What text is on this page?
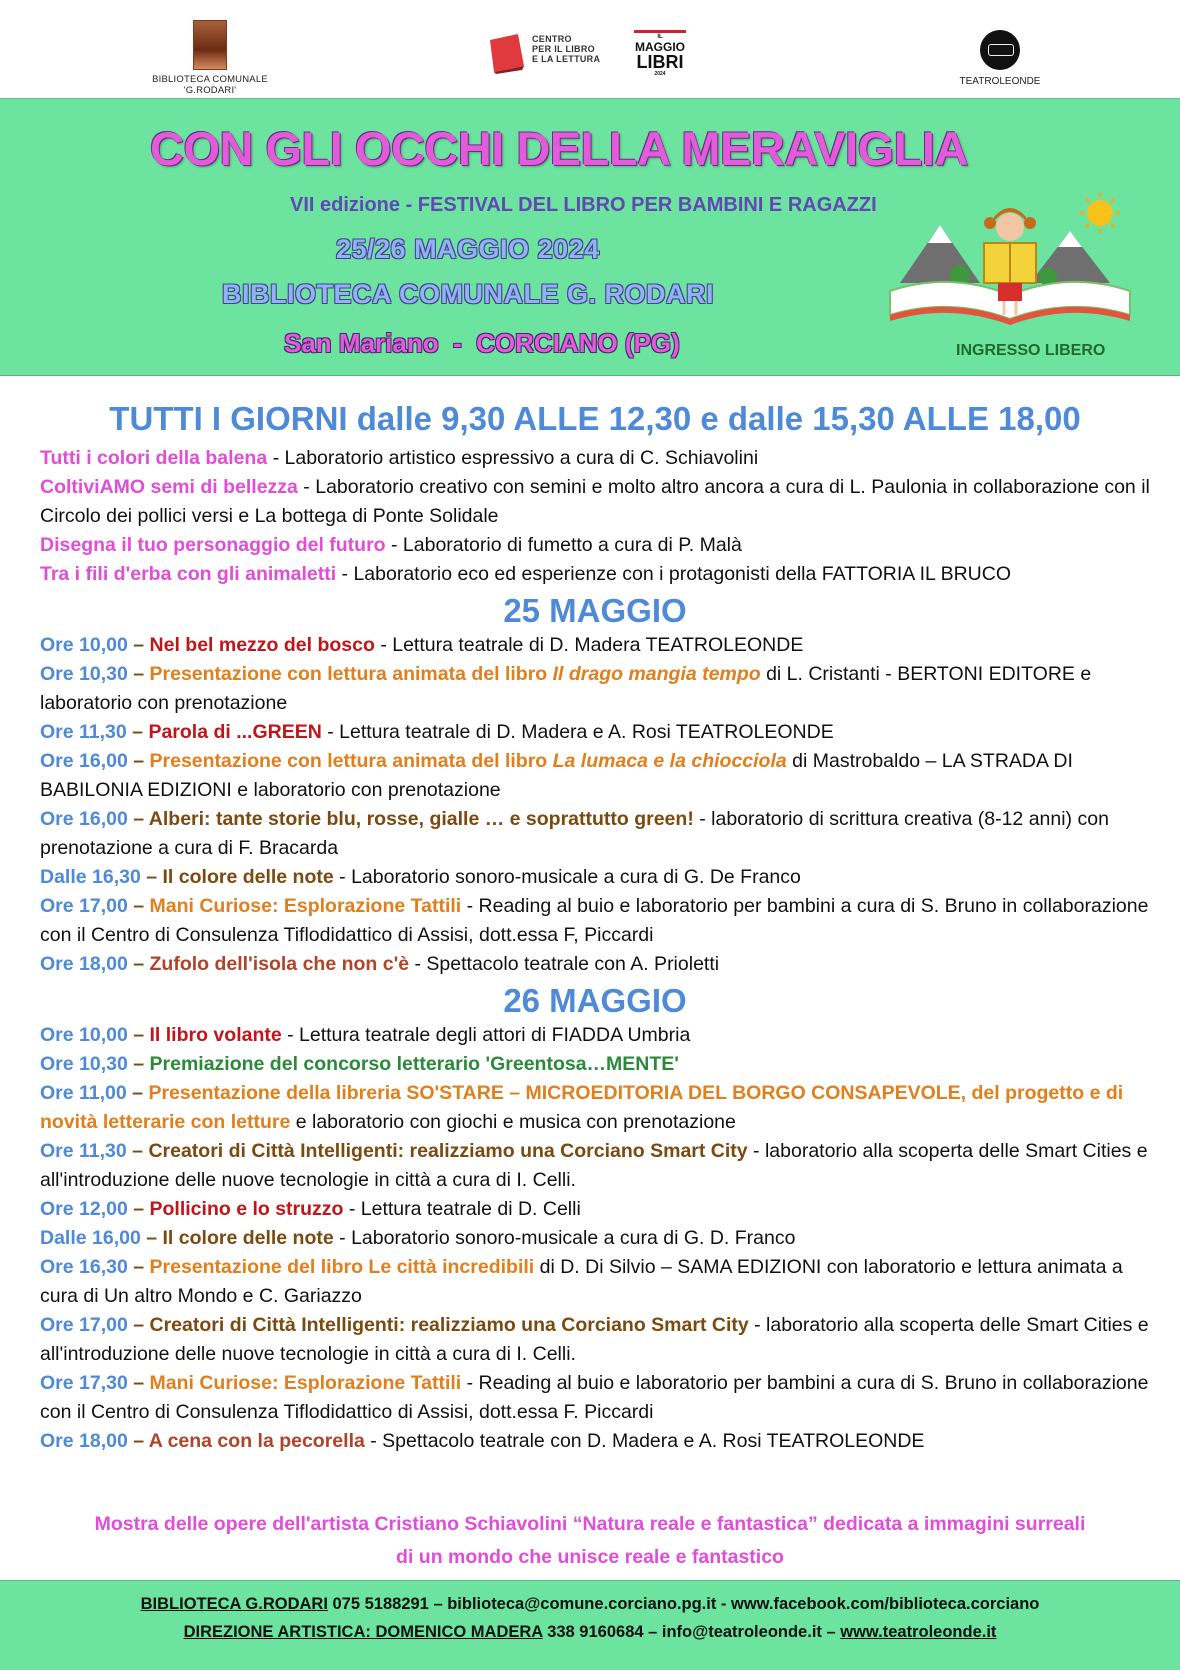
BIBLIOTECA COMUNALE 'G.RODARI'
CENTRO
PER IL LIBRO
E LA LETTURA
IL
MAGGIO
LIBRI
2024
TEATROLEONDE
CON GLI OCCHI DELLA MERAVIGLIA
VII edizione - FESTIVAL DEL LIBRO PER BAMBINI E RAGAZZI
25/26 MAGGIO 2024
BIBLIOTECA COMUNALE G. RODARI
San Mariano  -  CORCIANO (PG)	INGRESSO LIBERO

TUTTI I GIORNI dalle 9,30 ALLE 12,30 e dalle 15,30 ALLE 18,00

Tutti i colori della balena - Laboratorio artistico espressivo a cura di C. Schiavolini

ColtiviAMO semi di bellezza - Laboratorio creativo con semini e molto altro ancora a cura di L. Paulonia in collaborazione con il Circolo dei pollici versi e La bottega di Ponte Solidale

Disegna il tuo personaggio del futuro - Laboratorio di fumetto a cura di P. Malà

Tra i fili d'erba con gli animaletti - Laboratorio eco ed esperienze con i protagonisti della FATTORIA IL BRUCO

25 MAGGIO

Ore 10,00 – Nel bel mezzo del bosco - Lettura teatrale di D. Madera TEATROLEONDE

Ore 10,30 – Presentazione con lettura animata del libro Il drago mangia tempo di L. Cristanti - BERTONI EDITORE e laboratorio con prenotazione

Ore 11,30 – Parola di ...GREEN - Lettura teatrale di D. Madera e A. Rosi TEATROLEONDE

Ore 16,00 – Presentazione con lettura animata del libro La lumaca e la chiocciola di Mastrobaldo – LA STRADA DI BABILONIA EDIZIONI e laboratorio con prenotazione

Ore 16,00 – Alberi: tante storie blu, rosse, gialle … e soprattutto green! - laboratorio di scrittura creativa (8-12 anni) con prenotazione a cura di F. Bracarda

Dalle 16,30 – Il colore delle note - Laboratorio sonoro-musicale a cura di G. De Franco

Ore 17,00 – Mani Curiose: Esplorazione Tattili - Reading al buio e laboratorio per bambini a cura di S. Bruno in collaborazione con il Centro di Consulenza Tiflodidattico di Assisi, dott.essa F, Piccardi

Ore 18,00 – Zufolo dell'isola che non c'è - Spettacolo teatrale con A. Prioletti

26 MAGGIO

Ore 10,00 – Il libro volante - Lettura teatrale degli attori di FIADDA Umbria

Ore 10,30 – Premiazione del concorso letterario 'Greentosa…MENTE'

Ore 11,00 – Presentazione della libreria SO'STARE – MICROEDITORIA DEL BORGO CONSAPEVOLE, del progetto e di novità letterarie con letture e laboratorio con giochi e musica con prenotazione

Ore 11,30 – Creatori di Città Intelligenti: realizziamo una Corciano Smart City - laboratorio alla scoperta delle Smart Cities e all'introduzione delle nuove tecnologie in città a cura di I. Celli.

Ore 12,00 – Pollicino e lo struzzo - Lettura teatrale di D. Celli

Dalle 16,00 – Il colore delle note - Laboratorio sonoro-musicale a cura di G. D. Franco

Ore 16,30 – Presentazione del libro Le città incredibili di D. Di Silvio – SAMA EDIZIONI con laboratorio e lettura animata a cura di Un altro Mondo e C. Gariazzo

Ore 17,00 – Creatori di Città Intelligenti: realizziamo una Corciano Smart City - laboratorio alla scoperta delle Smart Cities e all'introduzione delle nuove tecnologie in città a cura di I. Celli.

Ore 17,30 – Mani Curiose: Esplorazione Tattili - Reading al buio e laboratorio per bambini a cura di S. Bruno in collaborazione con il Centro di Consulenza Tiflodidattico di Assisi, dott.essa F. Piccardi

Ore 18,00 – A cena con la pecorella - Spettacolo teatrale con D. Madera e A. Rosi TEATROLEONDE

Mostra delle opere dell'artista Cristiano Schiavolini “Natura reale e fantastica” dedicata a immagini surreali
di un mondo che unisce reale e fantastico
BIBLIOTECA G.RODARI 075 5188291 – biblioteca@comune.corciano.pg.it - www.facebook.com/biblioteca.corciano
DIREZIONE ARTISTICA: DOMENICO MADERA 338 9160684 – info@teatroleonde.it – www.teatroleonde.it
